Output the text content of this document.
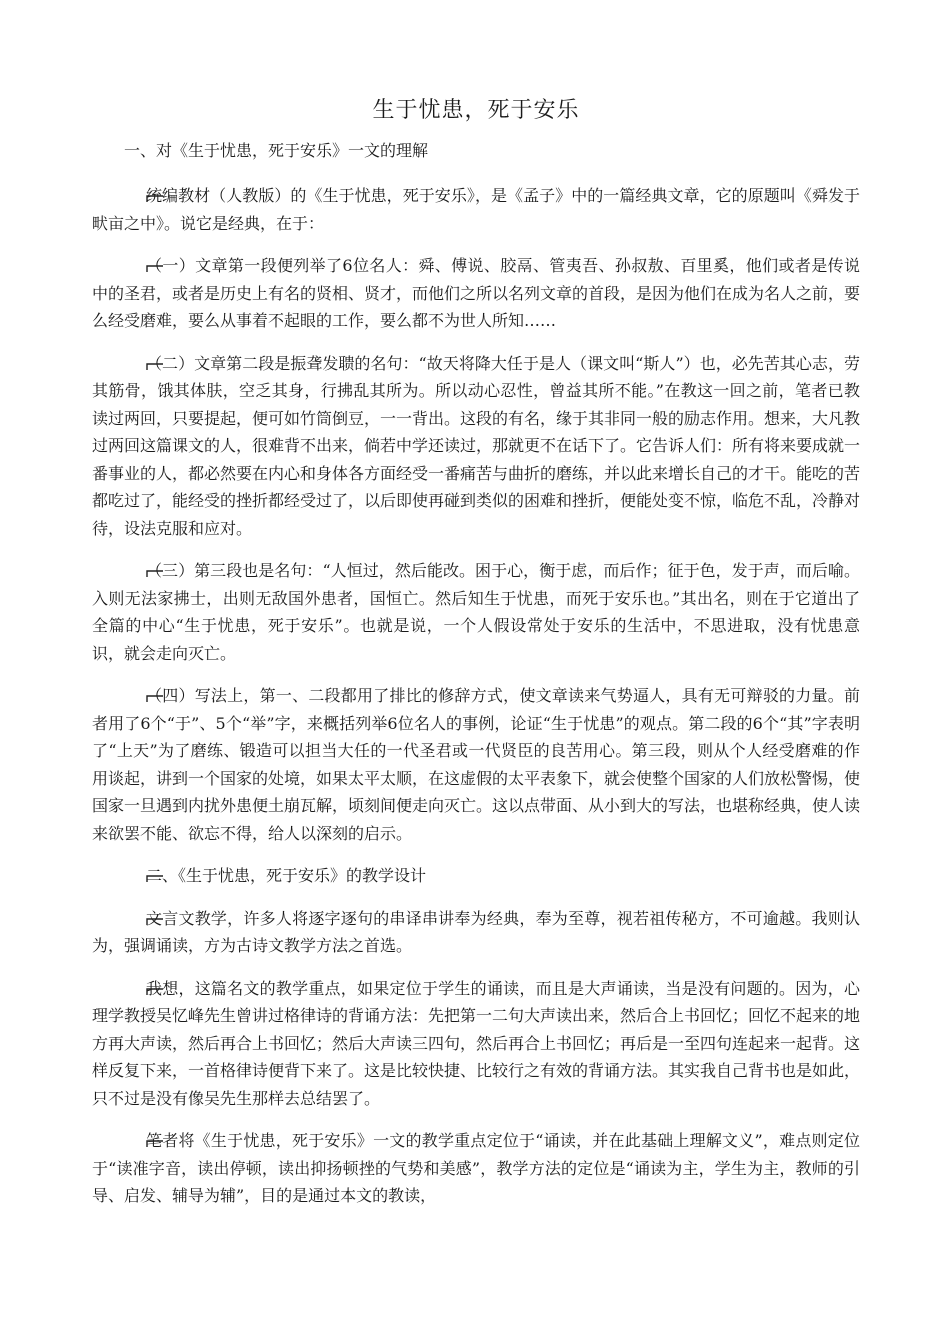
生于忧患，死于安乐
一、对《生于忧患，死于安乐》一文的理解
统编教材（人教版）的《生于忧患，死于安乐》，是《孟子》中的一篇经典文章，它的原题叫《舜发于畎亩之中》。说它是经典，在于：
（一）文章第一段便列举了6位名人：舜、傅说、胶鬲、管夷吾、孙叔敖、百里奚，他们或者是传说中的圣君，或者是历史上有名的贤相、贤才，而他们之所以名列文章的首段，是因为他们在成为名人之前，要么经受磨难，要么从事着不起眼的工作，要么都不为世人所知……
（二）文章第二段是振聋发聩的名句：“故天将降大任于是人（课文叫“斯人”）也，必先苦其心志，劳其筋骨，饿其体肤，空乏其身，行拂乱其所为。所以动心忍性，曾益其所不能。”在教这一回之前，笔者已教读过两回，只要提起，便可如竹筒倒豆，一一背出。这段的有名，缘于其非同一般的励志作用。想来，大凡教过两回这篇课文的人，很难背不出来，倘若中学还读过，那就更不在话下了。它告诉人们：所有将来要成就一番事业的人，都必然要在内心和身体各方面经受一番痛苦与曲折的磨练，并以此来增长自己的才干。能吃的苦都吃过了，能经受的挫折都经受过了，以后即使再碰到类似的困难和挫折，便能处变不惊，临危不乱，冷静对待，设法克服和应对。
（三）第三段也是名句：“人恒过，然后能改。困于心，衡于虑，而后作；征于色，发于声，而后喻。入则无法家拂士，出则无敌国外患者，国恒亡。然后知生于忧患，而死于安乐也。”其出名，则在于它道出了全篇的中心“生于忧患，死于安乐”。也就是说，一个人假设常处于安乐的生活中，不思进取，没有忧患意识，就会走向灭亡。
（四）写法上，第一、二段都用了排比的修辞方式，使文章读来气势逼人，具有无可辩驳的力量。前者用了6个“于”、5个“举”字，来概括列举6位名人的事例，论证“生于忧患”的观点。第二段的6个“其”字表明了“上天”为了磨练、锻造可以担当大任的一代圣君或一代贤臣的良苦用心。第三段，则从个人经受磨难的作用谈起，讲到一个国家的处境，如果太平太顺，在这虚假的太平表象下，就会使整个国家的人们放松警惕，使国家一旦遇到内扰外患便土崩瓦解，顷刻间便走向灭亡。这以点带面、从小到大的写法，也堪称经典，使人读来欲罢不能、欲忘不得，给人以深刻的启示。
二、《生于忧患，死于安乐》的教学设计
文言文教学，许多人将逐字逐句的串译串讲奉为经典，奉为至尊，视若祖传秘方，不可逾越。我则认为，强调诵读，方为古诗文教学方法之首选。
我想，这篇名文的教学重点，如果定位于学生的诵读，而且是大声诵读，当是没有问题的。因为，心理学教授吴忆峰先生曾讲过格律诗的背诵方法：先把第一二句大声读出来，然后合上书回忆；回忆不起来的地方再大声读，然后再合上书回忆；然后大声读三四句，然后再合上书回忆；再后是一至四句连起来一起背。这样反复下来，一首格律诗便背下来了。这是比较快捷、比较行之有效的背诵方法。其实我自己背书也是如此，只不过是没有像吴先生那样去总结罢了。
笔者将《生于忧患，死于安乐》一文的教学重点定位于“诵读，并在此基础上理解文义”，难点则定位于“读准字音，读出停顿，读出抑扬顿挫的气势和美感”，教学方法的定位是“诵读为主，学生为主，教师的引导、启发、辅导为辅”，目的是通过本文的教读，
